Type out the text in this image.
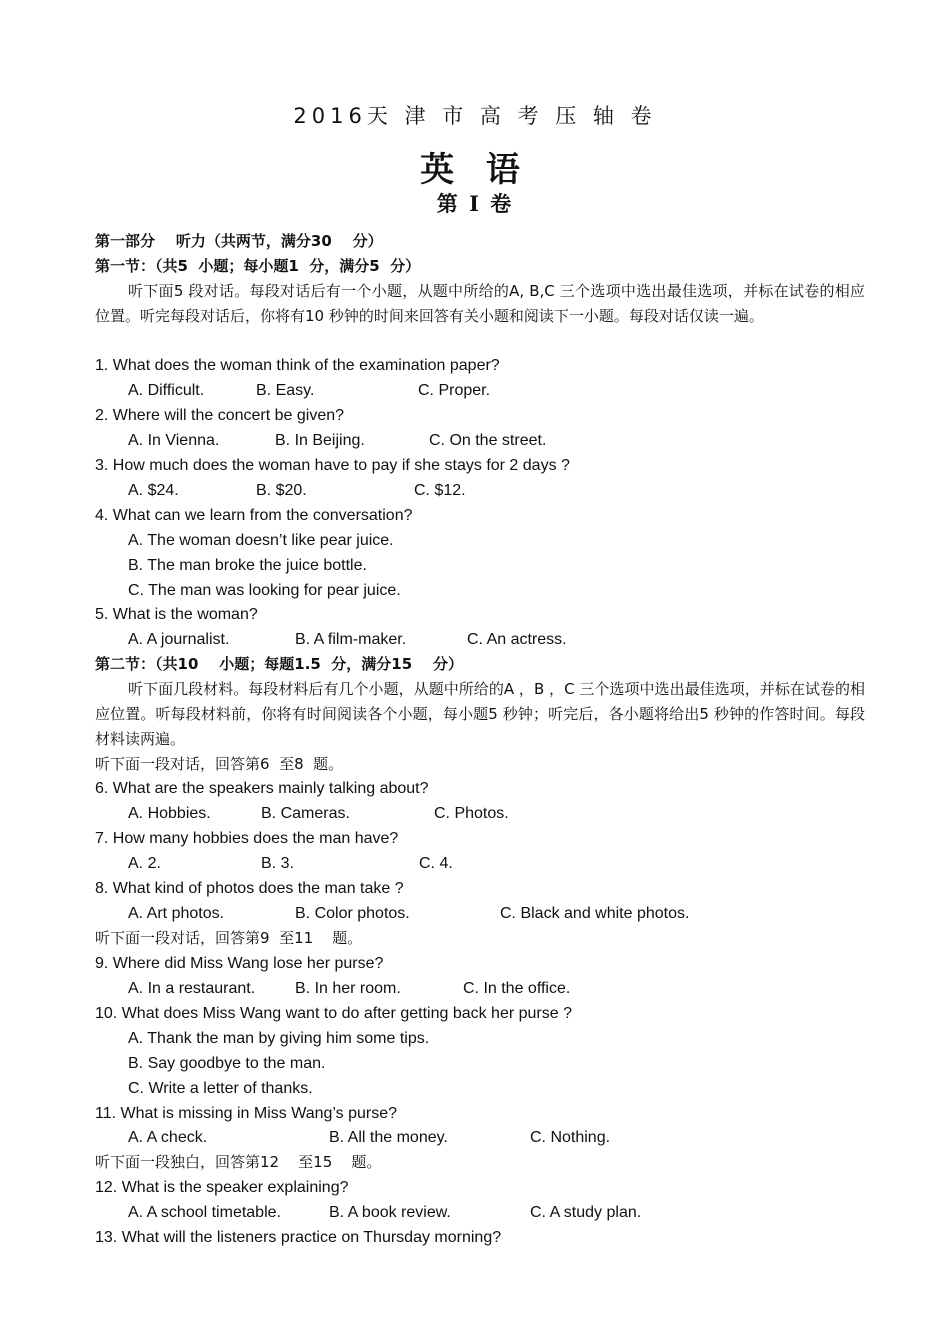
2016天 津 市 高 考 压 轴 卷
英 语
第 I 卷
第一部分    听力（共两节，满分30    分）
第一节：（共5  小题；每小题1  分，满分5  分）
听下面5 段对话。每段对话后有一个小题，从题中所给的A, B,C 三个选项中选出最佳选项，并标在试卷的相应位置。听完每段对话后，你将有10 秒钟的时间来回答有关小题和阅读下一小题。每段对话仅读一遍。
1. What does the woman think of the examination paper?
A. Difficult.	B. Easy.	C. Proper.
2. Where will the concert be given?
A. In Vienna.	B. In Beijing.	C. On the street.
3. How much does the woman have to pay if she stays for 2 days ?
A. $24.	B. $20.	C. $12.
4. What can we learn from the conversation?
A. The woman doesn’t like pear juice.
B. The man broke the juice bottle.
C. The man was looking for pear juice.
5. What is the woman?
A. A journalist.	B. A film-maker.	C. An actress.
第二节：（共10    小题；每题1.5  分，满分15    分）
听下面几段材料。每段材料后有几个小题，从题中所给的A ，B ，C 三个选项中选出最佳选项，并标在试卷的相应位置。听每段材料前，你将有时间阅读各个小题，每小题5 秒钟；听完后，各小题将给出5 秒钟的作答时间。每段材料读两遍。
听下面一段对话，回答第6  至8  题。
6. What are the speakers mainly talking about?
A. Hobbies.	B. Cameras.	C. Photos.
7. How many hobbies does the man have?
A. 2.	B. 3.	C. 4.
8. What kind of photos does the man take ?
A. Art photos.	B. Color photos.	C. Black and white photos.
听下面一段对话，回答第9  至11    题。
9. Where did Miss Wang lose her purse?
A. In a restaurant. B. In her room.	C. In the office.
10. What does Miss Wang want to do after getting back her purse ?
A. Thank the man by giving him some tips.
B. Say goodbye to the man.
C. Write a letter of thanks.
11. What is missing in Miss Wang’s purse?
A. A check.	B. All the money.	C. Nothing.
听下面一段独白，回答第12    至15    题。
12. What is the speaker explaining?
A. A school timetable.	B. A book review.	C. A study plan.
13. What will the listeners practice on Thursday morning?
